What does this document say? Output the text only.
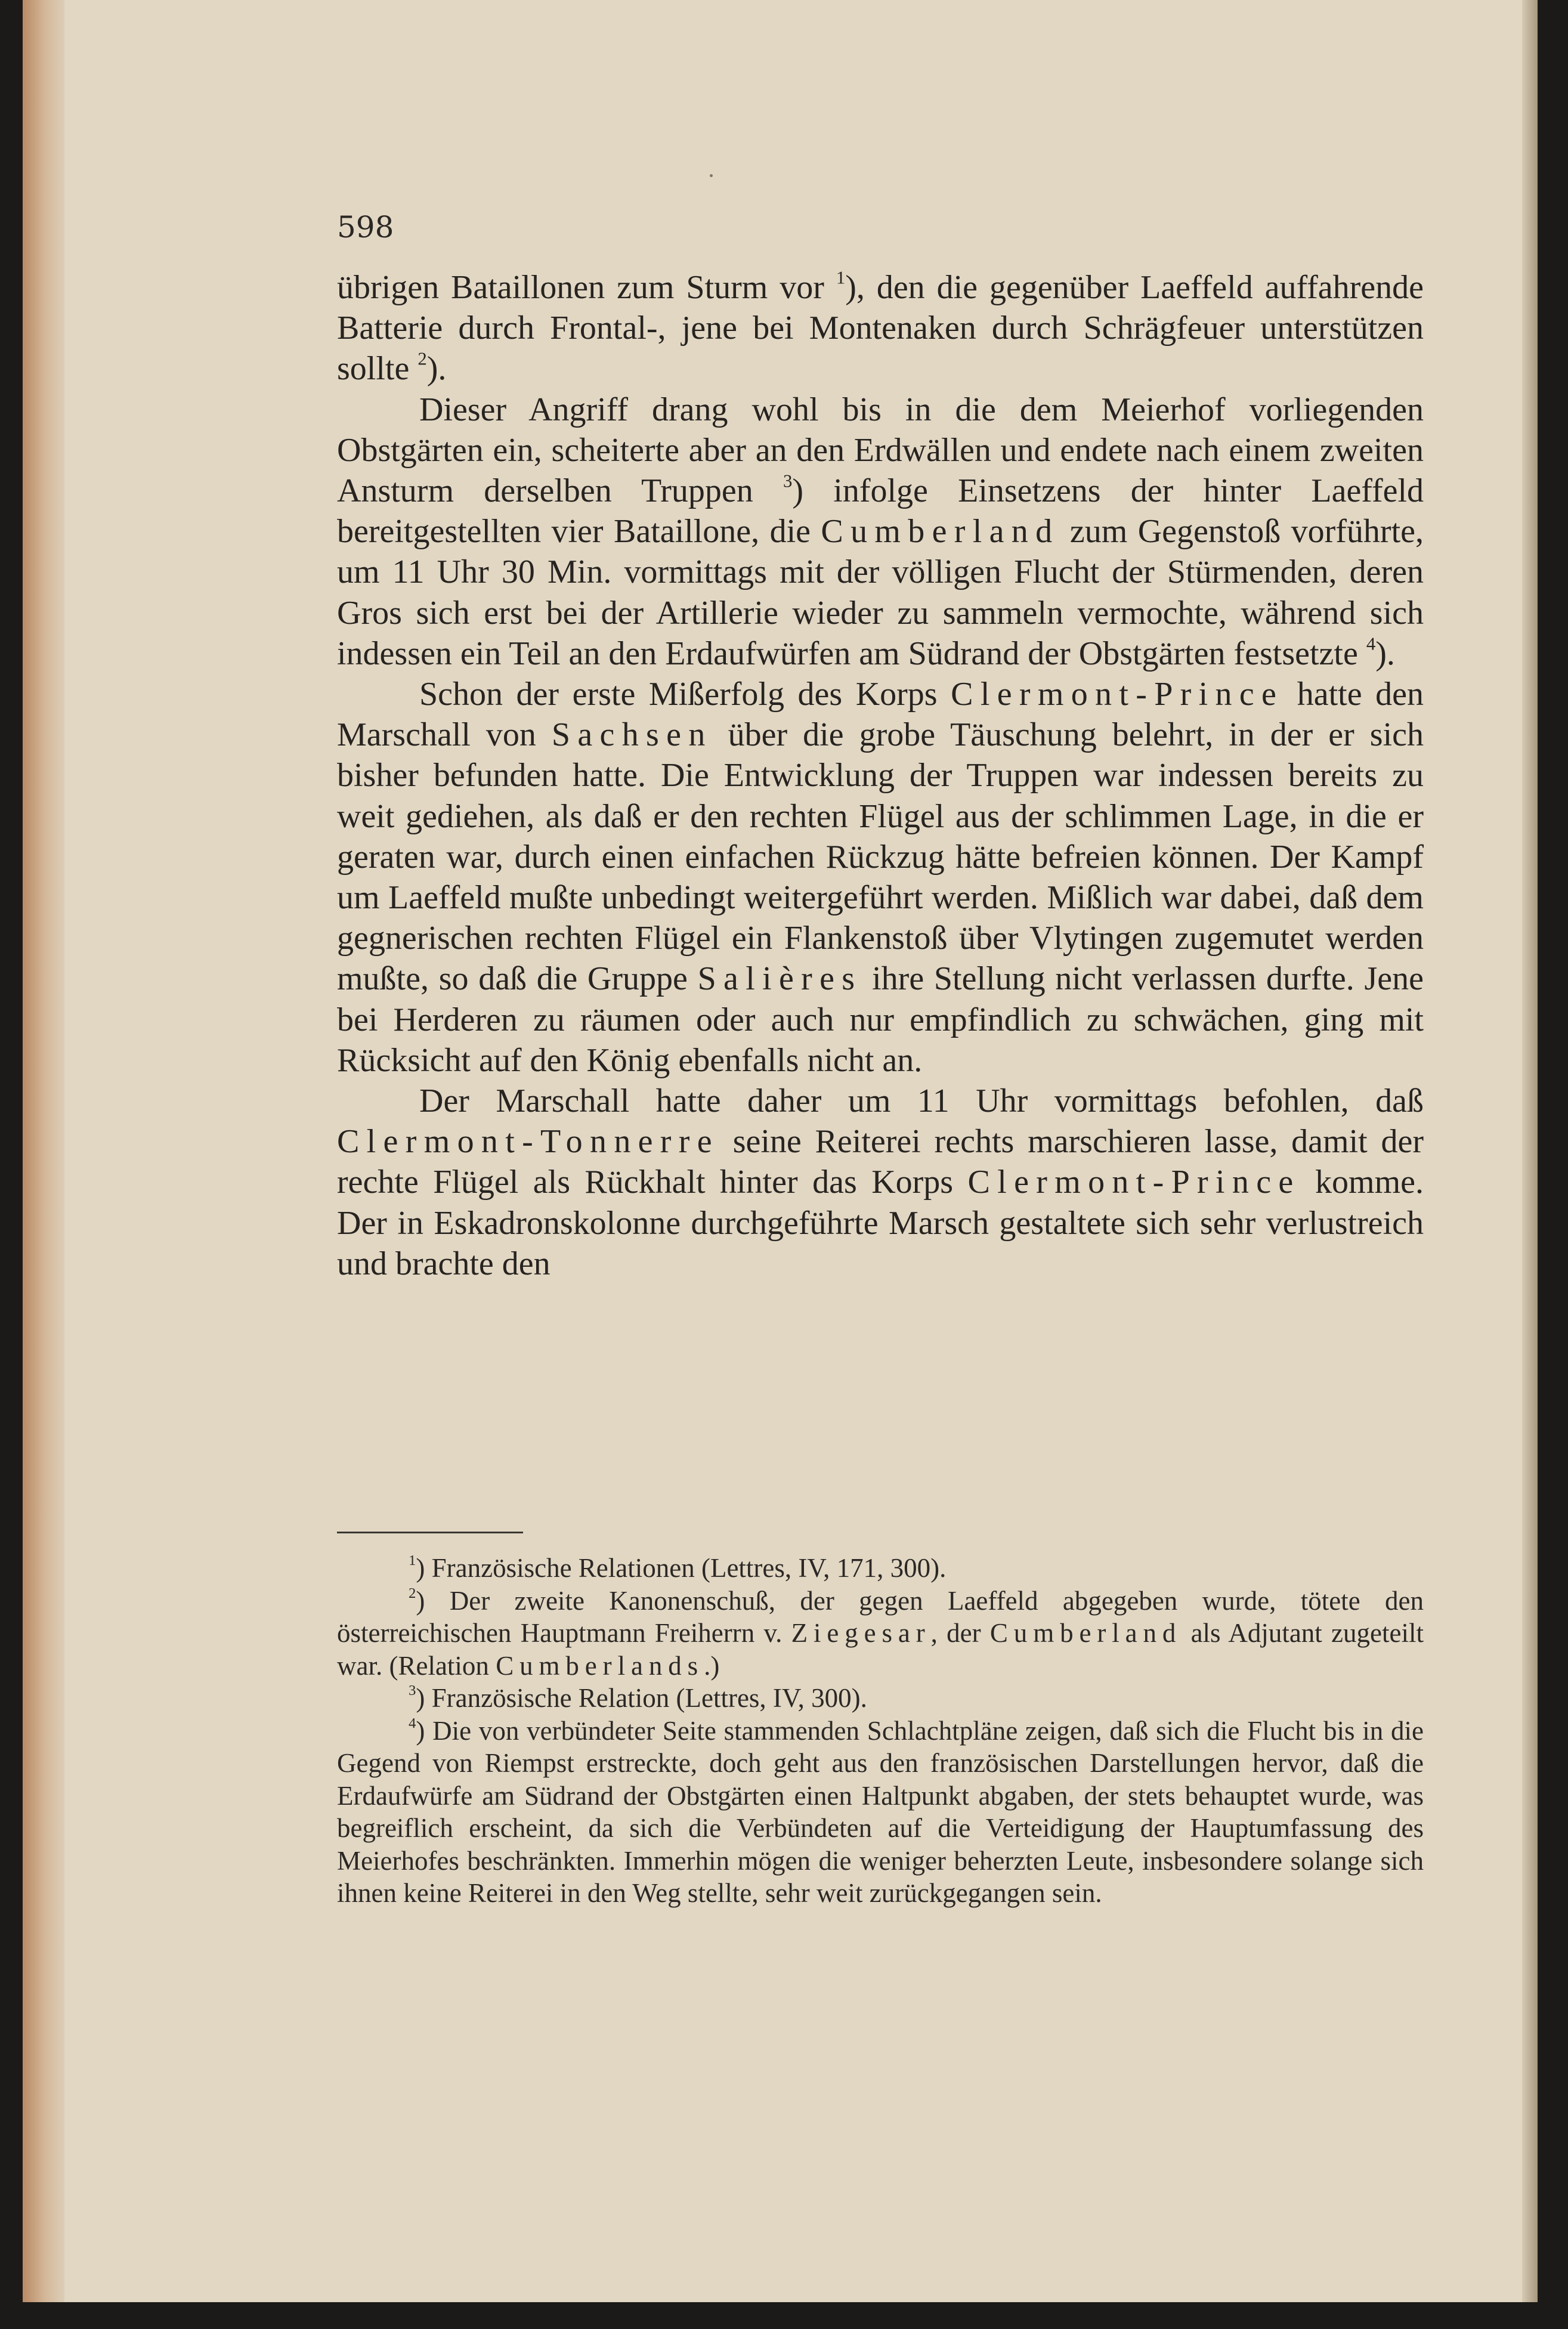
598

übrigen Bataillonen zum Sturm vor $^1$), den die gegenüber Laeffeld auffahrende Batterie durch Frontal-, jene bei Montenaken durch Schrägfeuer unterstützen sollte $^2$).

Dieser Angriff drang wohl bis in die dem Meierhof vorliegenden Obstgärten ein, scheiterte aber an den Erdwällen und endete nach einem zweiten Ansturm derselben Truppen $^3$) infolge Einsetzens der hinter Laeffeld bereitgestellten vier Bataillone, die Cumberland zum Gegenstoß vorführte, um 11 Uhr 30 Min. vormittags mit der völligen Flucht der Stürmenden, deren Gros sich erst bei der Artillerie wieder zu sammeln vermochte, während sich indessen ein Teil an den Erdaufwürfen am Südrand der Obstgärten festsetzte $^4$).

Schon der erste Mißerfolg des Korps Clermont-Prince hatte den Marschall von Sachsen über die grobe Täuschung belehrt, in der er sich bisher befunden hatte. Die Entwicklung der Truppen war indessen bereits zu weit gediehen, als daß er den rechten Flügel aus der schlimmen Lage, in die er geraten war, durch einen einfachen Rückzug hätte befreien können. Der Kampf um Laeffeld mußte unbedingt weitergeführt werden. Mißlich war dabei, daß dem gegnerischen rechten Flügel ein Flankenstoß über Vlytingen zugemutet werden mußte, so daß die Gruppe Salières ihre Stellung nicht verlassen durfte. Jene bei Herderen zu räumen oder auch nur empfindlich zu schwächen, ging mit Rücksicht auf den König ebenfalls nicht an.

Der Marschall hatte daher um 11 Uhr vormittags befohlen, daß Clermont-Tonnerre seine Reiterei rechts marschieren lasse, damit der rechte Flügel als Rückhalt hinter das Korps Clermont-Prince komme. Der in Eskadronskolonne durchgeführte Marsch gestaltete sich sehr verlustreich und brachte den

$^1$) Französische Relationen (Lettres, IV, 171, 300).

$^2$) Der zweite Kanonenschuß, der gegen Laeffeld abgegeben wurde, tötete den österreichischen Hauptmann Freiherrn v. Ziegesar, der Cumberland als Adjutant zugeteilt war. (Relation Cumberlands.)

$^3$) Französische Relation (Lettres, IV, 300).

$^4$) Die von verbündeter Seite stammenden Schlachtpläne zeigen, daß sich die Flucht bis in die Gegend von Riempst erstreckte, doch geht aus den französischen Darstellungen hervor, daß die Erdaufwürfe am Südrand der Obstgärten einen Haltpunkt abgaben, der stets behauptet wurde, was begreiflich erscheint, da sich die Verbündeten auf die Verteidigung der Hauptumfassung des Meierhofes beschränkten. Immerhin mögen die weniger beherzten Leute, insbesondere solange sich ihnen keine Reiterei in den Weg stellte, sehr weit zurückgegangen sein.
